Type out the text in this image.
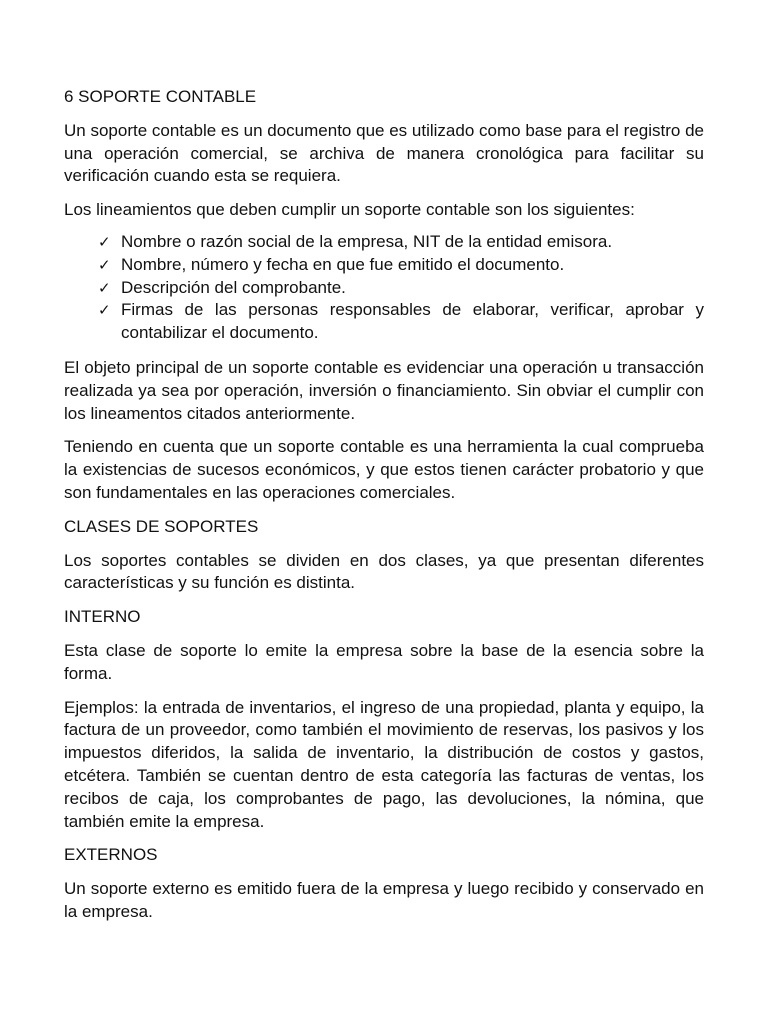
6 SOPORTE CONTABLE

Un soporte contable es un documento que es utilizado como base para el registro de una operación comercial, se archiva de manera cronológica para facilitar su verificación cuando esta se requiera.

Los lineamientos que deben cumplir un soporte contable son los siguientes:

✓ Nombre o razón social de la empresa, NIT de la entidad emisora.
✓ Nombre, número y fecha en que fue emitido el documento.
✓ Descripción del comprobante.
✓ Firmas de las personas responsables de elaborar, verificar, aprobar y contabilizar el documento.

El objeto principal de un soporte contable es evidenciar una operación u transacción realizada ya sea por operación, inversión o financiamiento. Sin obviar el cumplir con los lineamentos citados anteriormente.

Teniendo en cuenta que un soporte contable es una herramienta la cual comprueba la existencias de sucesos económicos, y que estos tienen carácter probatorio y que son fundamentales en las operaciones comerciales.

CLASES DE SOPORTES

Los soportes contables se dividen en dos clases, ya que presentan diferentes características y su función es distinta.

INTERNO

Esta clase de soporte lo emite la empresa sobre la base de la esencia sobre la forma.

Ejemplos: la entrada de inventarios, el ingreso de una propiedad, planta y equipo, la factura de un proveedor, como también el movimiento de reservas, los pasivos y los impuestos diferidos, la salida de inventario, la distribución de costos y gastos, etcétera. También se cuentan dentro de esta categoría las facturas de ventas, los recibos de caja, los comprobantes de pago, las devoluciones, la nómina, que también emite la empresa.

EXTERNOS

Un soporte externo es emitido fuera de la empresa y luego recibido y conservado en la empresa.
